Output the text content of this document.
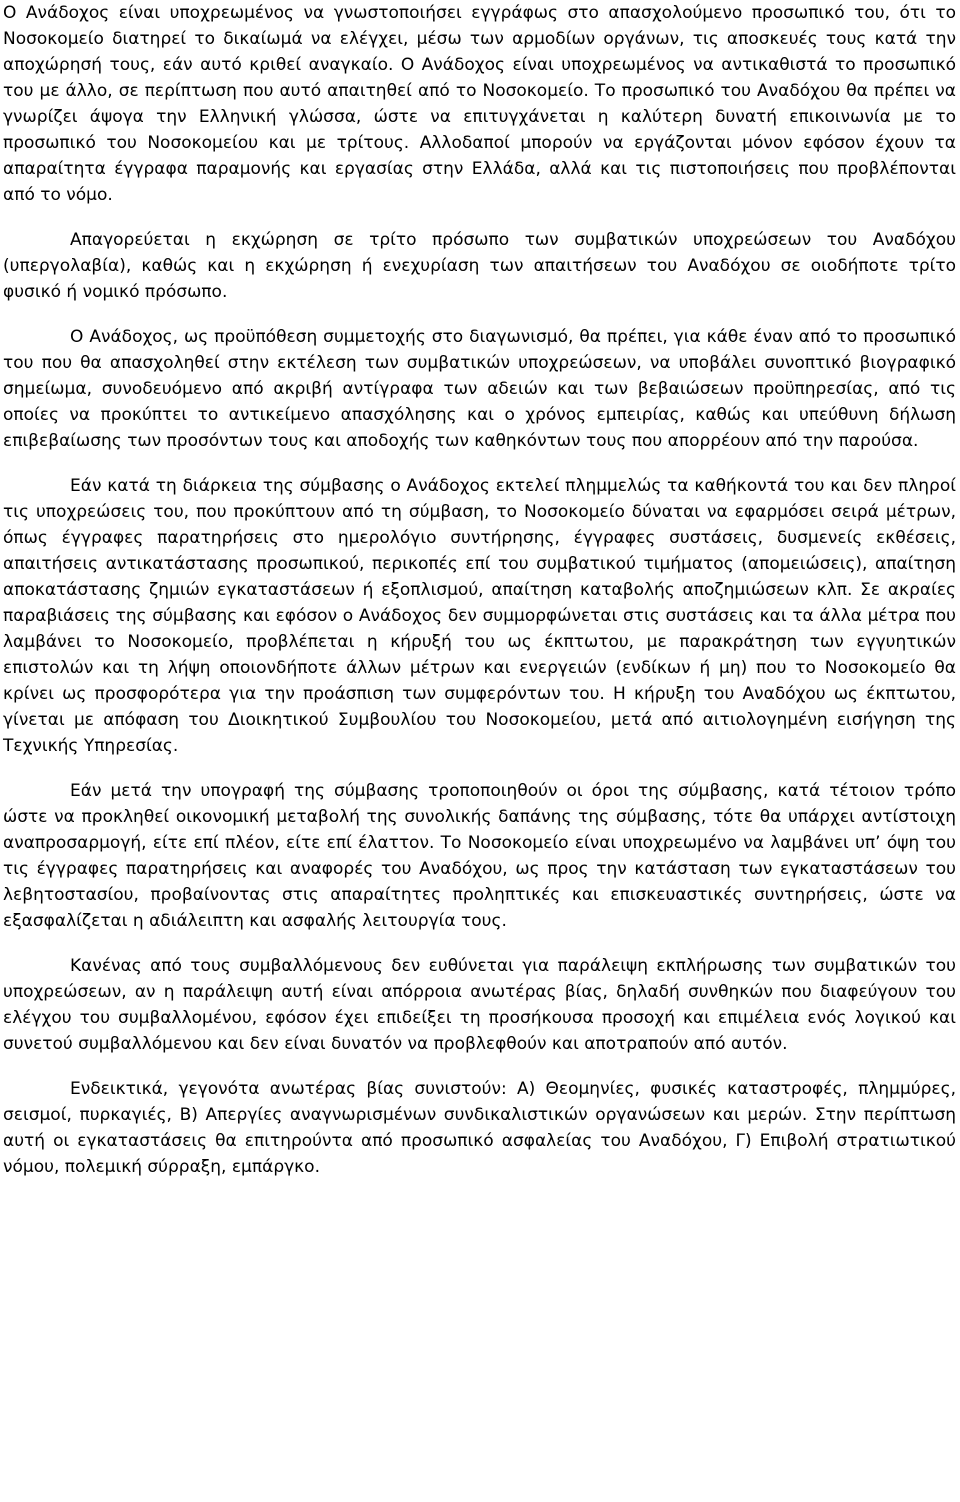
Ο Ανάδοχος είναι υποχρεωμένος να γνωστοποιήσει εγγράφως στο απασχολούμενο προσωπικό του, ότι το Νοσοκομείο διατηρεί το δικαίωμά να ελέγχει, μέσω των αρμοδίων οργάνων, τις αποσκευές τους κατά την αποχώρησή τους, εάν αυτό κριθεί αναγκαίο. Ο Ανάδοχος είναι υποχρεωμένος να αντικαθιστά το προσωπικό του με άλλο, σε περίπτωση που αυτό απαιτηθεί από το Νοσοκομείο. Το προσωπικό του Αναδόχου θα πρέπει να γνωρίζει άψογα την Ελληνική γλώσσα, ώστε να επιτυγχάνεται η καλύτερη δυνατή επικοινωνία με το προσωπικό του Νοσοκομείου και με τρίτους. Αλλοδαποί μπορούν να εργάζονται μόνον εφόσον έχουν τα απαραίτητα έγγραφα παραμονής και εργασίας στην Ελλάδα, αλλά και τις πιστοποιήσεις που προβλέπονται από το νόμο.

Απαγορεύεται η εκχώρηση σε τρίτο πρόσωπο των συμβατικών υποχρεώσεων του Αναδόχου (υπεργολαβία), καθώς και η εκχώρηση ή ενεχυρίαση των απαιτήσεων του Αναδόχου σε οιοδήποτε τρίτο φυσικό ή νομικό πρόσωπο.

Ο Ανάδοχος, ως προϋπόθεση συμμετοχής στο διαγωνισμό, θα πρέπει, για κάθε έναν από το προσωπικό του που θα απασχοληθεί στην εκτέλεση των συμβατικών υποχρεώσεων, να υποβάλει συνοπτικό βιογραφικό σημείωμα, συνοδευόμενο από ακριβή αντίγραφα των αδειών και των βεβαιώσεων προϋπηρεσίας, από τις οποίες να προκύπτει το αντικείμενο απασχόλησης και ο χρόνος εμπειρίας, καθώς και υπεύθυνη δήλωση επιβεβαίωσης των προσόντων τους και αποδοχής των καθηκόντων τους που απορρέουν από την παρούσα.

Εάν κατά τη διάρκεια της σύμβασης ο Ανάδοχος εκτελεί πλημμελώς τα καθήκοντά του και δεν πληροί τις υποχρεώσεις του, που προκύπτουν από τη σύμβαση, το Νοσοκομείο δύναται να εφαρμόσει σειρά μέτρων, όπως έγγραφες παρατηρήσεις στο ημερολόγιο συντήρησης, έγγραφες συστάσεις, δυσμενείς εκθέσεις, απαιτήσεις αντικατάστασης προσωπικού, περικοπές επί του συμβατικού τιμήματος (απομειώσεις), απαίτηση αποκατάστασης ζημιών εγκαταστάσεων ή εξοπλισμού, απαίτηση καταβολής αποζημιώσεων κλπ. Σε ακραίες παραβιάσεις της σύμβασης και εφόσον ο Ανάδοχος δεν συμμορφώνεται στις συστάσεις και τα άλλα μέτρα που λαμβάνει το Νοσοκομείο, προβλέπεται η κήρυξή του ως έκπτωτου, με παρακράτηση των εγγυητικών επιστολών και τη λήψη οποιονδήποτε άλλων μέτρων και ενεργειών (ενδίκων ή μη) που το Νοσοκομείο θα κρίνει ως προσφορότερα για την προάσπιση των συμφερόντων του. Η κήρυξη του Αναδόχου ως έκπτωτου, γίνεται με απόφαση του Διοικητικού Συμβουλίου του Νοσοκομείου, μετά από αιτιολογημένη εισήγηση της Τεχνικής Υπηρεσίας.

Εάν μετά την υπογραφή της σύμβασης τροποποιηθούν οι όροι της σύμβασης, κατά τέτοιον τρόπο ώστε να προκληθεί οικονομική μεταβολή της συνολικής δαπάνης της σύμβασης, τότε θα υπάρχει αντίστοιχη αναπροσαρμογή, είτε επί πλέον, είτε επί έλαττον. Το Νοσοκομείο είναι υποχρεωμένο να λαμβάνει υπ’ όψη του τις έγγραφες παρατηρήσεις και αναφορές του Αναδόχου, ως προς την κατάσταση των εγκαταστάσεων του λεβητοστασίου, προβαίνοντας στις απαραίτητες προληπτικές και επισκευαστικές συντηρήσεις, ώστε να εξασφαλίζεται η αδιάλειπτη και ασφαλής λειτουργία τους.

Κανένας από τους συμβαλλόμενους δεν ευθύνεται για παράλειψη εκπλήρωσης των συμβατικών του υποχρεώσεων, αν η παράλειψη αυτή είναι απόρροια ανωτέρας βίας, δηλαδή συνθηκών που διαφεύγουν του ελέγχου του συμβαλλομένου, εφόσον έχει επιδείξει τη προσήκουσα προσοχή και επιμέλεια ενός λογικού και συνετού συμβαλλόμενου και δεν είναι δυνατόν να προβλεφθούν και αποτραπούν από αυτόν.

Ενδεικτικά, γεγονότα ανωτέρας βίας συνιστούν: Α) Θεομηνίες, φυσικές καταστροφές, πλημμύρες, σεισμοί, πυρκαγιές, Β) Απεργίες αναγνωρισμένων συνδικαλιστικών οργανώσεων και μερών. Στην περίπτωση αυτή οι εγκαταστάσεις θα επιτηρούντα από προσωπικό ασφαλείας του Αναδόχου, Γ) Επιβολή στρατιωτικού νόμου, πολεμική σύρραξη, εμπάργκο.
